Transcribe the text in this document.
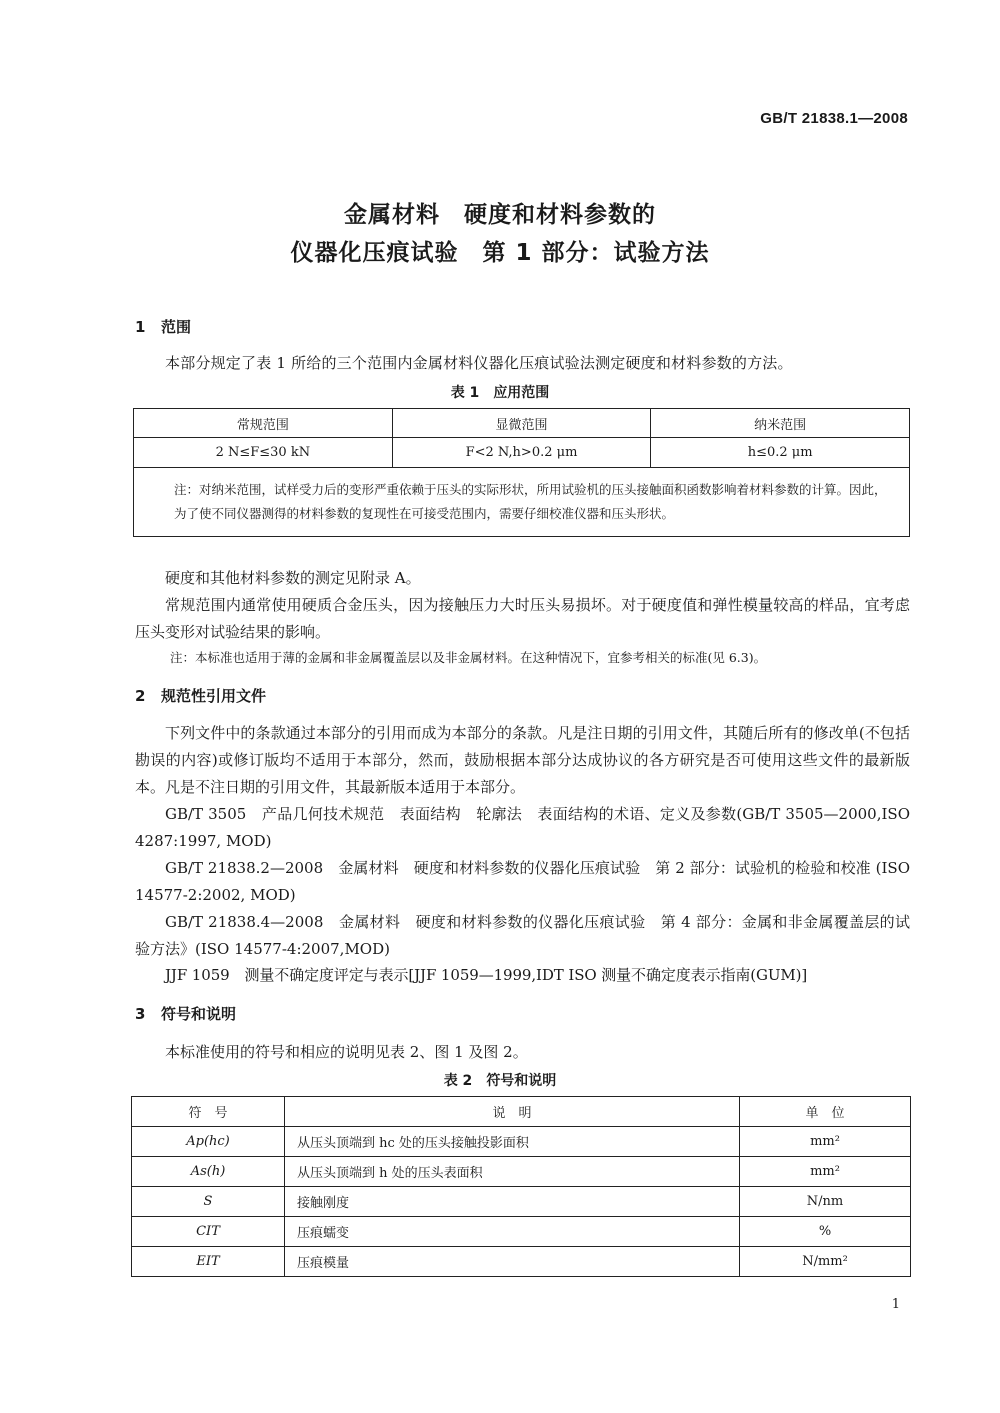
GB/T 21838.1—2008
金属材料　硬度和材料参数的
仪器化压痕试验　第 1 部分：试验方法
1 范围
本部分规定了表 1 所给的三个范围内金属材料仪器化压痕试验法测定硬度和材料参数的方法。
表 1 应用范围
常规范围	显微范围	纳米范围
2 N≤F≤30 kN	F<2 N,h>0.2 μm	h≤0.2 μm
注：对纳米范围，试样受力后的变形严重依赖于压头的实际形状，所用试验机的压头接触面积函数影响着材料参数的计算。因此，为了使不同仪器测得的材料参数的复现性在可接受范围内，需要仔细校准仪器和压头形状。		
硬度和其他材料参数的测定见附录 A。
常规范围内通常使用硬质合金压头，因为接触压力大时压头易损坏。对于硬度值和弹性模量较高的样品，宜考虑压头变形对试验结果的影响。
注：本标准也适用于薄的金属和非金属覆盖层以及非金属材料。在这种情况下，宜参考相关的标准(见 6.3)。
2 规范性引用文件
下列文件中的条款通过本部分的引用而成为本部分的条款。凡是注日期的引用文件，其随后所有的修改单(不包括勘误的内容)或修订版均不适用于本部分，然而，鼓励根据本部分达成协议的各方研究是否可使用这些文件的最新版本。凡是不注日期的引用文件，其最新版本适用于本部分。
GB/T 3505　产品几何技术规范　表面结构　轮廓法　表面结构的术语、定义及参数(GB/T 3505—2000,ISO 4287:1997, MOD)
GB/T 21838.2—2008　金属材料　硬度和材料参数的仪器化压痕试验　第 2 部分：试验机的检验和校准 (ISO 14577-2:2002, MOD)
GB/T 21838.4—2008　金属材料　硬度和材料参数的仪器化压痕试验　第 4 部分：金属和非金属覆盖层的试验方法》(ISO 14577-4:2007,MOD)
JJF 1059　测量不确定度评定与表示[JJF 1059—1999,IDT ISO 测量不确定度表示指南(GUM)]
3 符号和说明
本标准使用的符号和相应的说明见表 2、图 1 及图 2。
表 2 符号和说明
符　号	说　明	单　位
Ap(hc)	从压头顶端到 hc 处的压头接触投影面积	mm²
As(h)	从压头顶端到 h 处的压头表面积	mm²
S	接触刚度	N/nm
CIT	压痕蠕变	%
EIT	压痕模量	N/mm²
1
